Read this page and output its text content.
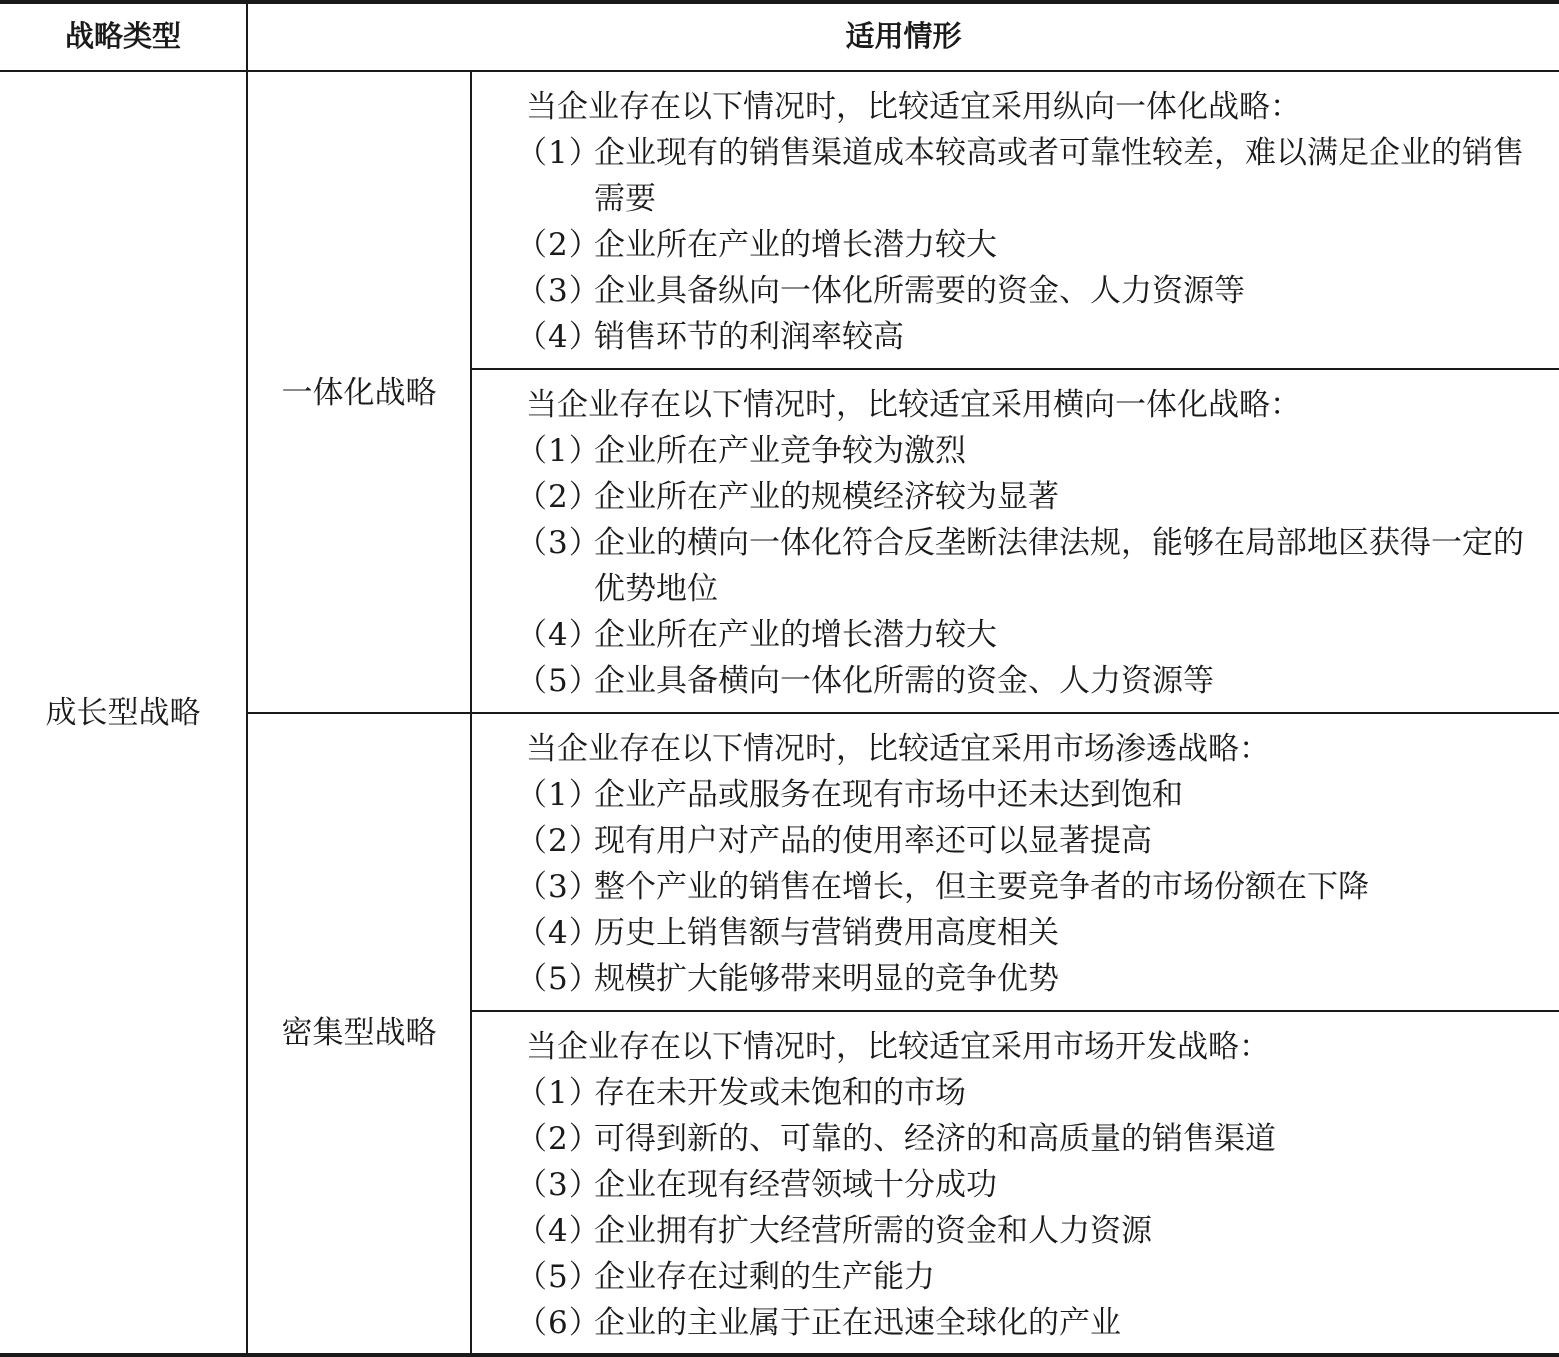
战略类型	适用情形
成长型战略
一体化战略
密集型战略
当企业存在以下情况时，比较适宜采用纵向一体化战略：
（1）
企业现有的销售渠道成本较高或者可靠性较差，难以满足企业的销售需要
（2）
企业所在产业的增长潜力较大
（3）
企业具备纵向一体化所需要的资金、人力资源等
（4）
销售环节的利润率较高
当企业存在以下情况时，比较适宜采用横向一体化战略：
（1）
企业所在产业竞争较为激烈
（2）
企业所在产业的规模经济较为显著
（3）
企业的横向一体化符合反垄断法律法规，能够在局部地区获得一定的优势地位
（4）
企业所在产业的增长潜力较大
（5）
企业具备横向一体化所需的资金、人力资源等
当企业存在以下情况时，比较适宜采用市场渗透战略：
（1）
企业产品或服务在现有市场中还未达到饱和
（2）
现有用户对产品的使用率还可以显著提高
（3）
整个产业的销售在增长，但主要竞争者的市场份额在下降
（4）
历史上销售额与营销费用高度相关
（5）
规模扩大能够带来明显的竞争优势
当企业存在以下情况时，比较适宜采用市场开发战略：
（1）
存在未开发或未饱和的市场
（2）
可得到新的、可靠的、经济的和高质量的销售渠道
（3）
企业在现有经营领域十分成功
（4）
企业拥有扩大经营所需的资金和人力资源
（5）
企业存在过剩的生产能力
（6）
企业的主业属于正在迅速全球化的产业
